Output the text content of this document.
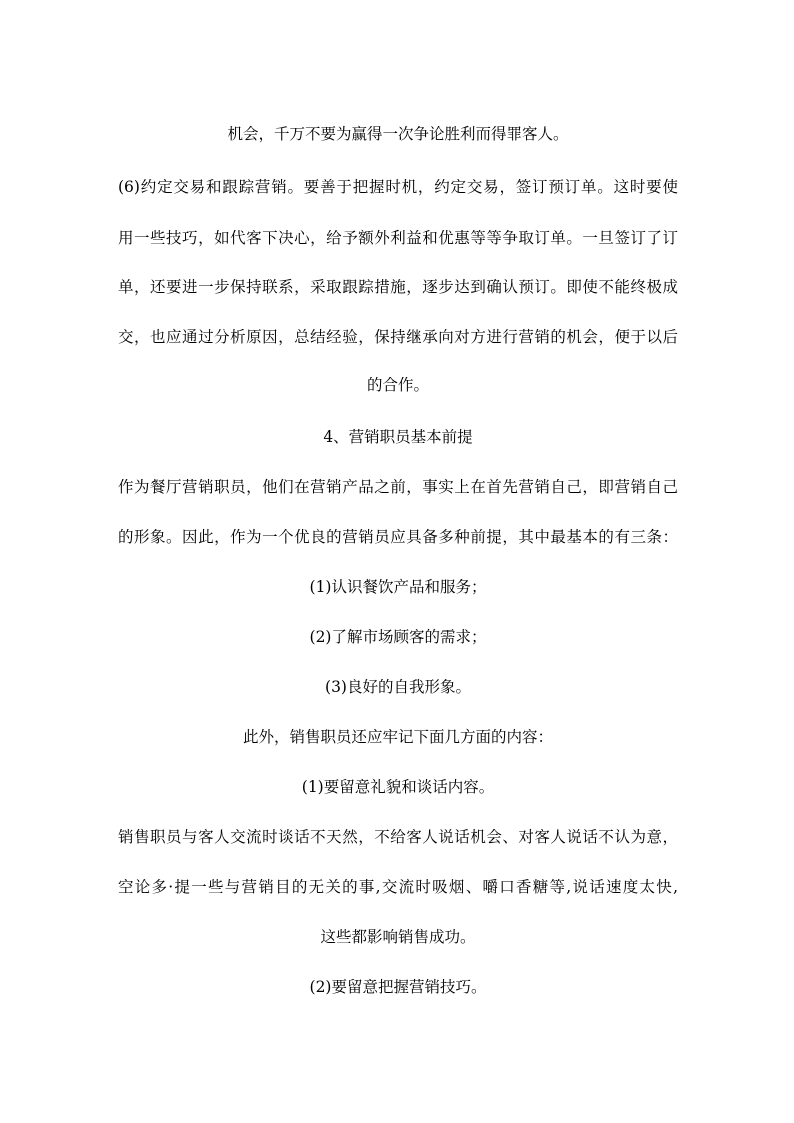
机会，千万不要为赢得一次争论胜利而得罪客人。
(6)约定交易和跟踪营销。要善于把握时机，约定交易，签订预订单。这时要使
用一些技巧，如代客下决心，给予额外利益和优惠等等争取订单。一旦签订了订
单，还要进一步保持联系，采取跟踪措施，逐步达到确认预订。即使不能终极成
交，也应通过分析原因，总结经验，保持继承向对方进行营销的机会，便于以后
的合作。
4、营销职员基本前提
作为餐厅营销职员，他们在营销产品之前，事实上在首先营销自己，即营销自己
的形象。因此，作为一个优良的营销员应具备多种前提，其中最基本的有三条：
(1)认识餐饮产品和服务；
(2)了解市场顾客的需求；
(3)良好的自我形象。
此外，销售职员还应牢记下面几方面的内容：
(1)要留意礼貌和谈话内容。
销售职员与客人交流时谈话不天然，不给客人说话机会、对客人说话不认为意，
空论多·提一些与营销目的无关的事,交流时吸烟、嚼口香糖等,说话速度太快,
这些都影响销售成功。
(2)要留意把握营销技巧。
